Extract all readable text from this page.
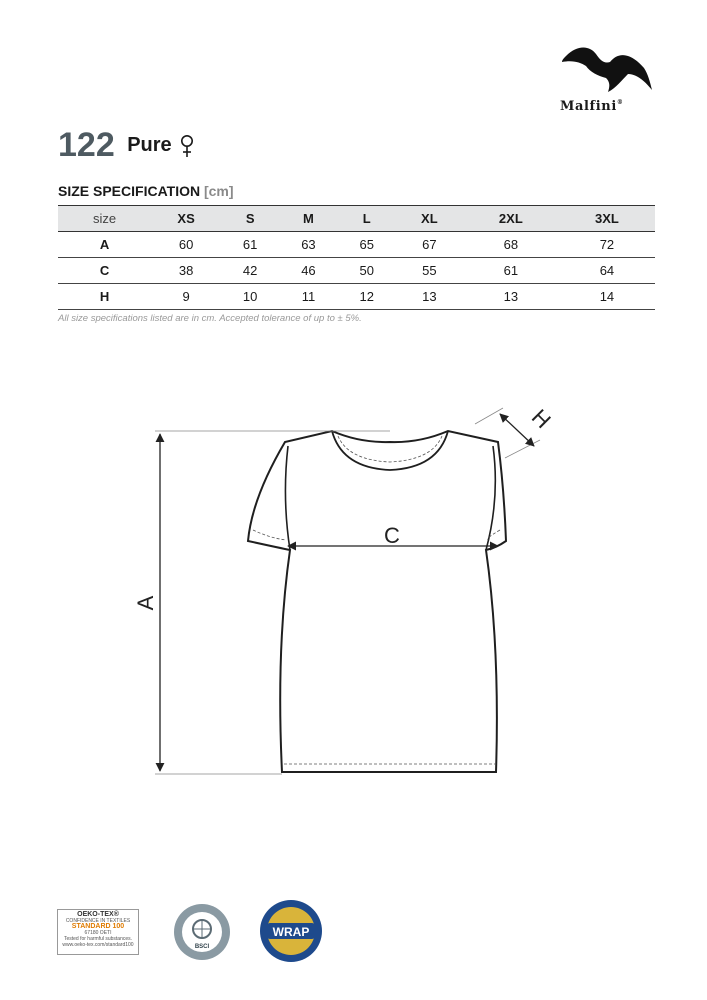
Malfini®
122 Pure
SIZE SPECIFICATION [cm]
size	XS	S	M	L	XL	2XL	3XL
A	60	61	63	65	67	68	72
C	38	42	46	50	55	61	64
H	9	10	11	12	13	13	14
All size specifications listed are in cm. Accepted tolerance of up to ± 5%.
A
C
H
OEKO-TEX®
CONFIDENCE IN TEXTILES
STANDARD 100
67180 OETI
Tested for harmful substances.
www.oeko-tex.com/standard100	BSCI
WRAP
